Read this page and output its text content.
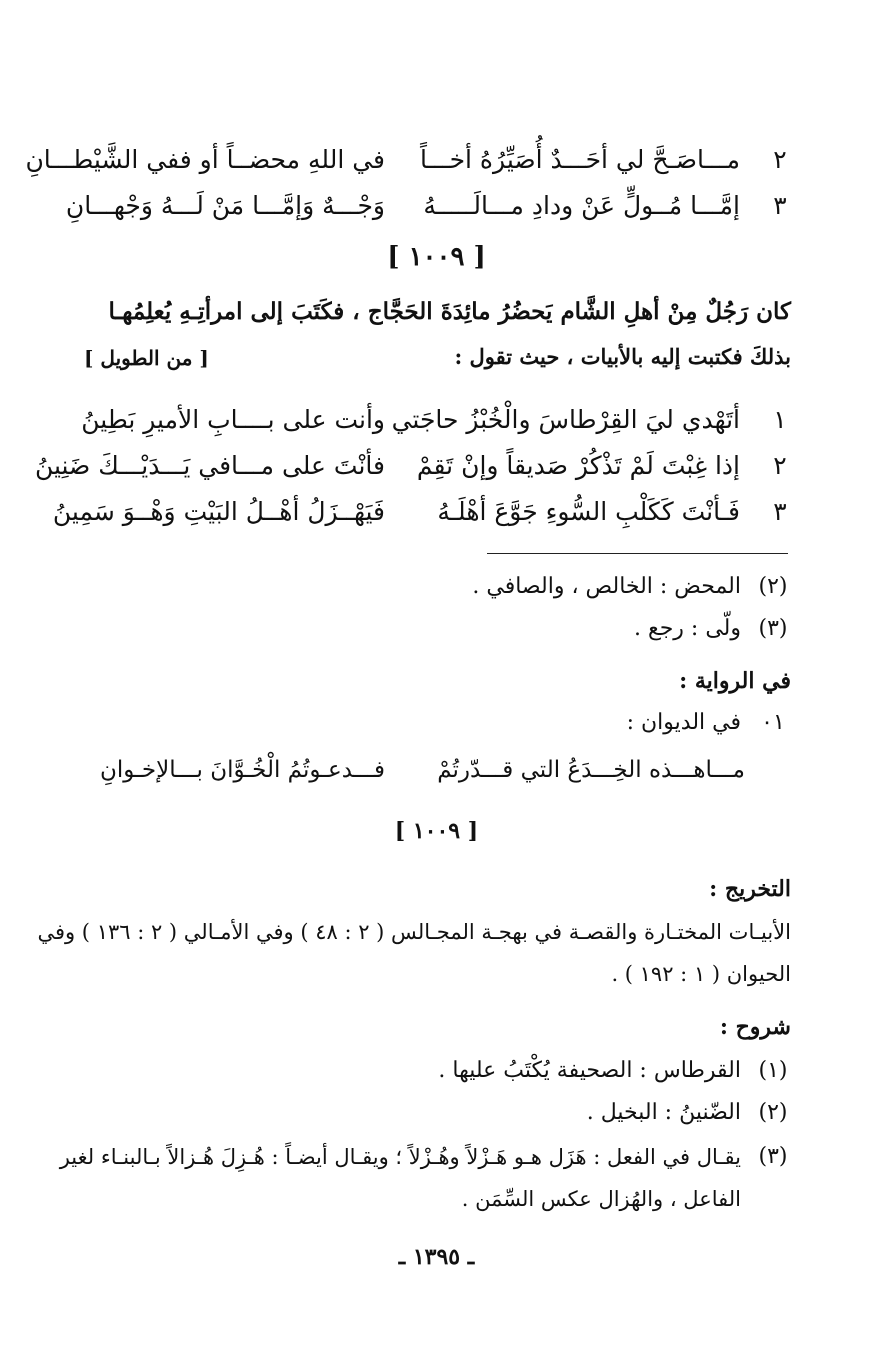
٢
مـــاصَـحَّ لي أحَـــدٌ أُصَيِّرُهُ أخـــاً
في اللهِ محضــاً أو ففي الشَّيْطـــانِ
٣
إمَّـــا مُــولٍّ عَنْ ودادِ مـــالَـــــهُ
وَجْـــهٌ وَإمَّـــا مَنْ لَـــهُ وَجْهـــانِ
[ ١٠٠٩ ]
كان رَجُلٌ مِنْ أهلِ الشَّام يَحضُرُ مائِدَةَ الحَجَّاج ، فكَتَبَ إلى امرأتِـهِ يُعلِمُهـا
بذلكَ فكتبت إليه بالأبيات ، حيث تقول :
[ من الطويل ]
١
أتَهْدي ليَ القِرْطاسَ والْخُبْزُ حاجَتي
وأنت على بــــابِ الأميرِ بَطِينُ
٢
إذا غِبْتَ لَمْ تَذْكُرْ صَديقاً وإنْ تَقِمْ
فأنْتَ على مـــافي يَـــدَيْـــكَ ضَنِينُ
٣
فَـأنْتَ كَكَلْبِ السُّوءِ جَوَّعَ أهْلَـهُ
فَيَهْــزَلُ أهْــلُ البَيْتِ وَهْــوَ سَمِينُ
(٢)
المحض : الخالص ، والصافي .
(٣)
ولّى : رجع .
في الرواية :
٠١
في الديوان :
مـــاهـــذه الخِـــدَعُ التي قـــدّرتُمْ
فـــدعـوتُمُ الْخُـوَّانَ بـــالإخـوانِ
[ ١٠٠٩ ]
التخريج :
الأبيـات المختـارة والقصـة في بهجـة المجـالس ( ٢ : ٤٨ ) وفي الأمـالي ( ٢ : ١٣٦ ) وفي
الحيوان ( ١ : ١٩٢ ) .
شروح :
(١)
القرطاس : الصحيفة يُكْتَبُ عليها .
(٢)
الضّنينُ : البخيل .
(٣)
يقـال في الفعل : هَزَل هـو هَـزْلاً وهُـزْلاً ؛ ويقـال أيضـاً : هُـزِلَ هُـزالاً بـالبنـاء لغير
الفاعل ، والهُزال عكس السِّمَن .
ـ ١٣٩٥ ـ
